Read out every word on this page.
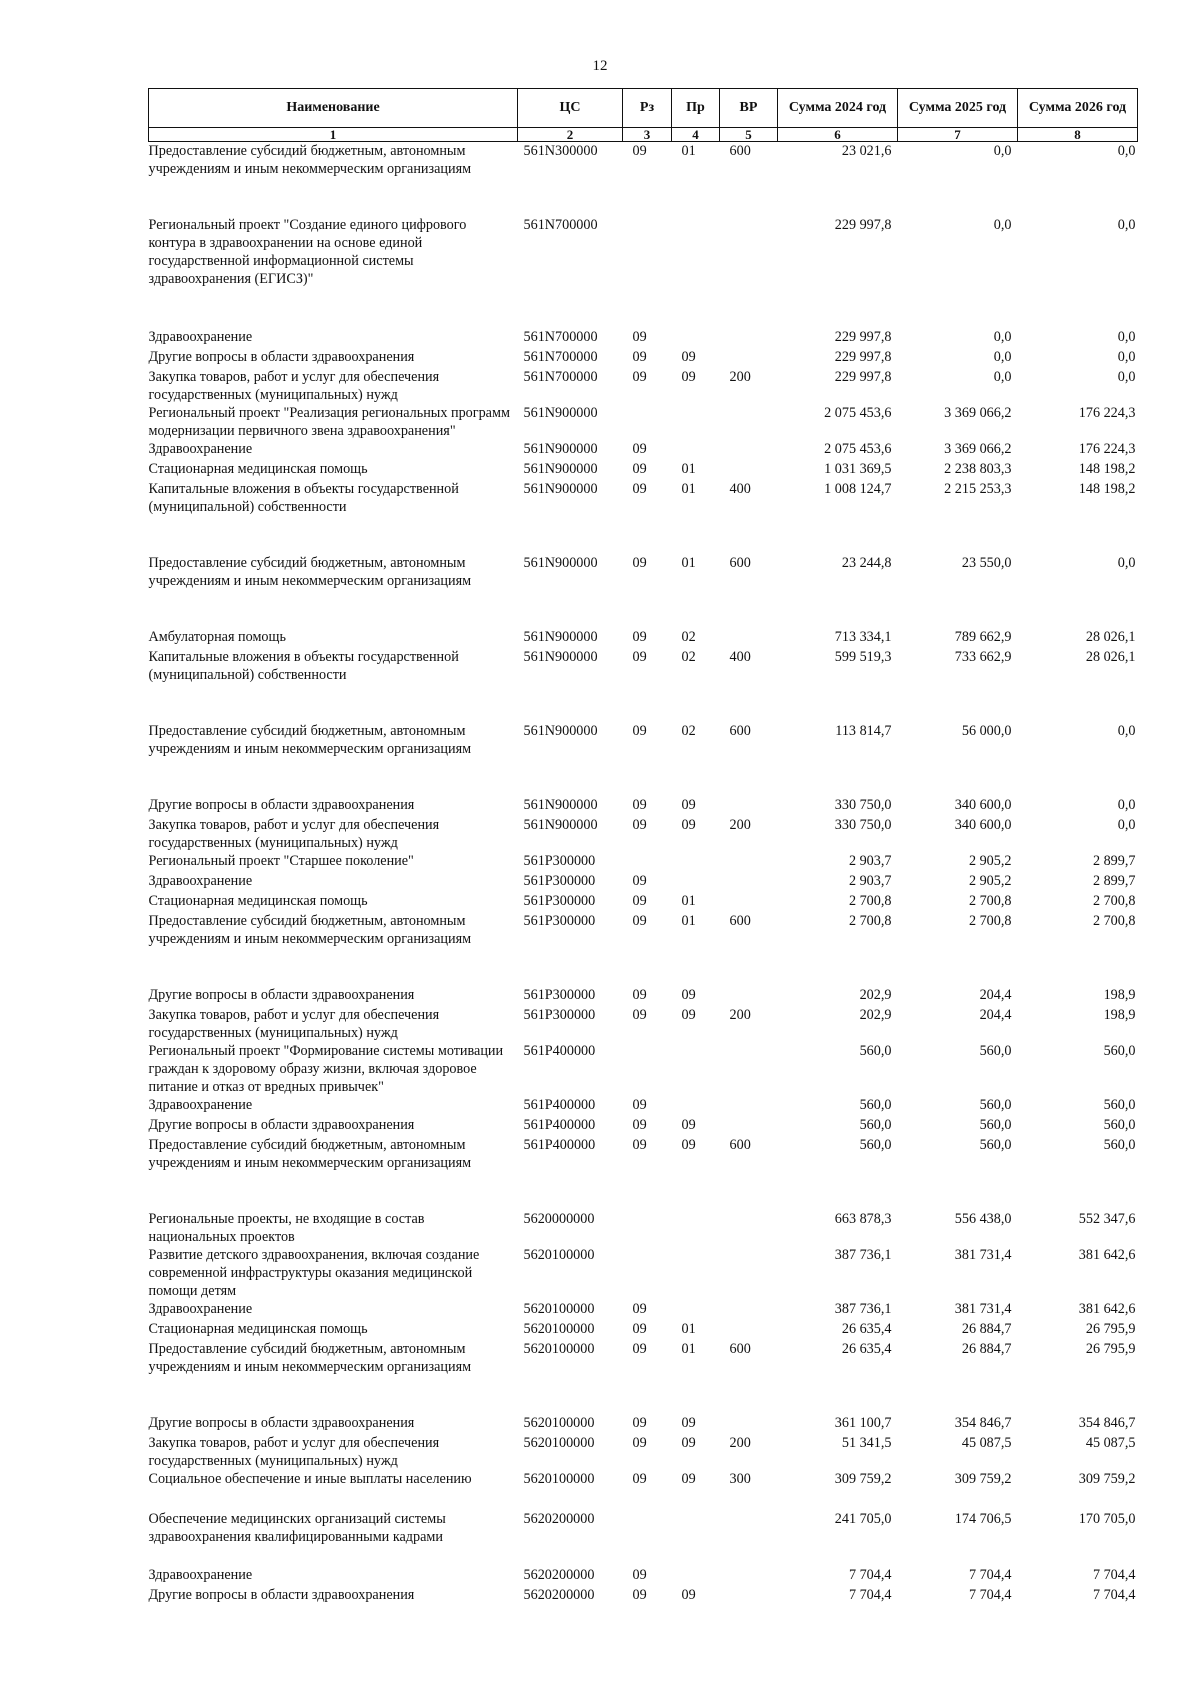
12
Наименование	ЦС	Рз	Пр	ВР	Сумма 2024 год	Сумма 2025 год	Сумма 2026 год
1	2	3	4	5	6	7	8
Предоставление субсидий бюджетным, автономным учреждениям и иным некоммерческим организациям	561N300000	09	01	600	23 021,6	0,0	0,0
Региональный проект "Создание единого цифрового контура в здравоохранении на основе единой государственной информационной системы здравоохранения (ЕГИСЗ)"	561N700000				229 997,8	0,0	0,0
Здравоохранение	561N700000	09			229 997,8	0,0	0,0
Другие вопросы в области здравоохранения	561N700000	09	09		229 997,8	0,0	0,0
Закупка товаров, работ и услуг для обеспечения государственных (муниципальных) нужд	561N700000	09	09	200	229 997,8	0,0	0,0
Региональный проект "Реализация региональных программ модернизации первичного звена здравоохранения"	561N900000				2 075 453,6	3 369 066,2	176 224,3
Здравоохранение	561N900000	09			2 075 453,6	3 369 066,2	176 224,3
Стационарная медицинская помощь	561N900000	09	01		1 031 369,5	2 238 803,3	148 198,2
Капитальные вложения в объекты государственной (муниципальной) собственности	561N900000	09	01	400	1 008 124,7	2 215 253,3	148 198,2
Предоставление субсидий бюджетным, автономным учреждениям и иным некоммерческим организациям	561N900000	09	01	600	23 244,8	23 550,0	0,0
Амбулаторная помощь	561N900000	09	02		713 334,1	789 662,9	28 026,1
Капитальные вложения в объекты государственной (муниципальной) собственности	561N900000	09	02	400	599 519,3	733 662,9	28 026,1
Предоставление субсидий бюджетным, автономным учреждениям и иным некоммерческим организациям	561N900000	09	02	600	113 814,7	56 000,0	0,0
Другие вопросы в области здравоохранения	561N900000	09	09		330 750,0	340 600,0	0,0
Закупка товаров, работ и услуг для обеспечения государственных (муниципальных) нужд	561N900000	09	09	200	330 750,0	340 600,0	0,0
Региональный проект "Старшее поколение"	561P300000				2 903,7	2 905,2	2 899,7
Здравоохранение	561P300000	09			2 903,7	2 905,2	2 899,7
Стационарная медицинская помощь	561P300000	09	01		2 700,8	2 700,8	2 700,8
Предоставление субсидий бюджетным, автономным учреждениям и иным некоммерческим организациям	561P300000	09	01	600	2 700,8	2 700,8	2 700,8
Другие вопросы в области здравоохранения	561P300000	09	09		202,9	204,4	198,9
Закупка товаров, работ и услуг для обеспечения государственных (муниципальных) нужд	561P300000	09	09	200	202,9	204,4	198,9
Региональный проект "Формирование системы мотивации граждан к здоровому образу жизни, включая здоровое питание и отказ от вредных привычек"	561P400000				560,0	560,0	560,0
Здравоохранение	561P400000	09			560,0	560,0	560,0
Другие вопросы в области здравоохранения	561P400000	09	09		560,0	560,0	560,0
Предоставление субсидий бюджетным, автономным учреждениям и иным некоммерческим организациям	561P400000	09	09	600	560,0	560,0	560,0
Региональные проекты, не входящие в состав национальных проектов	5620000000				663 878,3	556 438,0	552 347,6
Развитие детского здравоохранения, включая создание современной инфраструктуры оказания медицинской помощи детям	5620100000				387 736,1	381 731,4	381 642,6
Здравоохранение	5620100000	09			387 736,1	381 731,4	381 642,6
Стационарная медицинская помощь	5620100000	09	01		26 635,4	26 884,7	26 795,9
Предоставление субсидий бюджетным, автономным учреждениям и иным некоммерческим организациям	5620100000	09	01	600	26 635,4	26 884,7	26 795,9
Другие вопросы в области здравоохранения	5620100000	09	09		361 100,7	354 846,7	354 846,7
Закупка товаров, работ и услуг для обеспечения государственных (муниципальных) нужд	5620100000	09	09	200	51 341,5	45 087,5	45 087,5
Социальное обеспечение и иные выплаты населению	5620100000	09	09	300	309 759,2	309 759,2	309 759,2
Обеспечение медицинских организаций системы здравоохранения квалифицированными кадрами	5620200000				241 705,0	174 706,5	170 705,0
Здравоохранение	5620200000	09			7 704,4	7 704,4	7 704,4
Другие вопросы в области здравоохранения	5620200000	09	09		7 704,4	7 704,4	7 704,4
